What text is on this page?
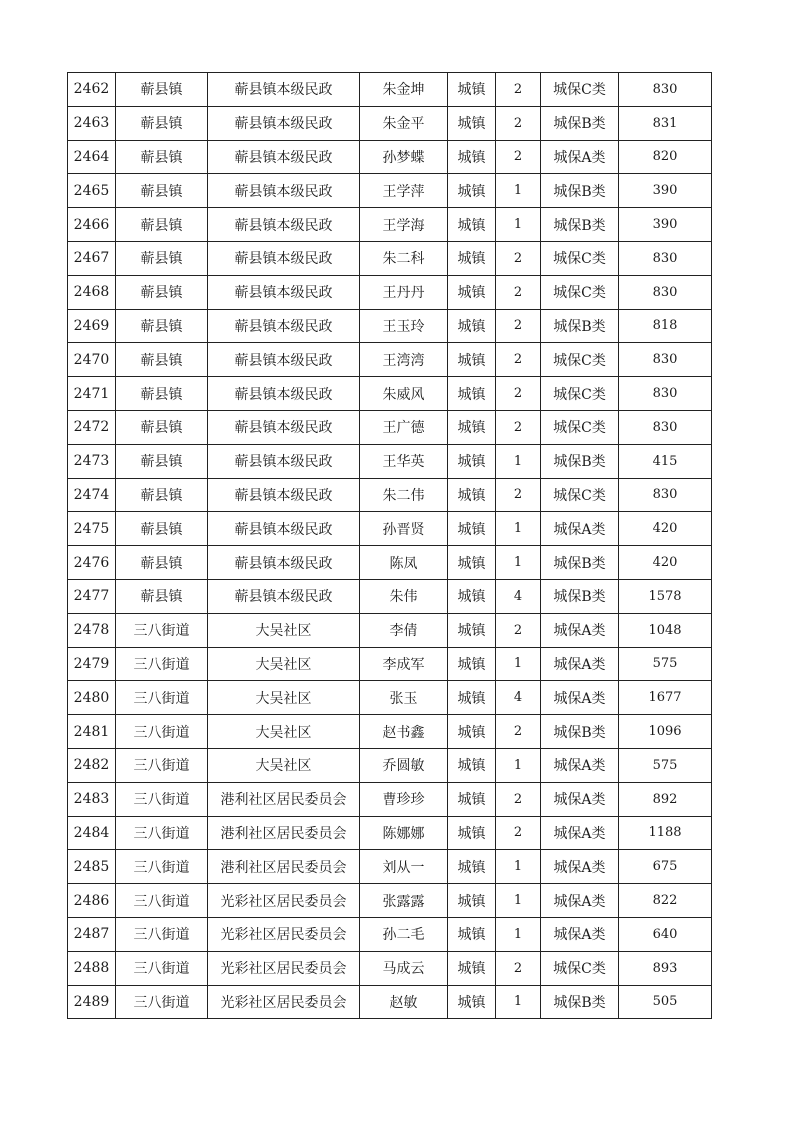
2462	蕲县镇	蕲县镇本级民政	朱金坤	城镇	2	城保C类	830
2463	蕲县镇	蕲县镇本级民政	朱金平	城镇	2	城保B类	831
2464	蕲县镇	蕲县镇本级民政	孙梦蝶	城镇	2	城保A类	820
2465	蕲县镇	蕲县镇本级民政	王学萍	城镇	1	城保B类	390
2466	蕲县镇	蕲县镇本级民政	王学海	城镇	1	城保B类	390
2467	蕲县镇	蕲县镇本级民政	朱二科	城镇	2	城保C类	830
2468	蕲县镇	蕲县镇本级民政	王丹丹	城镇	2	城保C类	830
2469	蕲县镇	蕲县镇本级民政	王玉玲	城镇	2	城保B类	818
2470	蕲县镇	蕲县镇本级民政	王湾湾	城镇	2	城保C类	830
2471	蕲县镇	蕲县镇本级民政	朱威风	城镇	2	城保C类	830
2472	蕲县镇	蕲县镇本级民政	王广德	城镇	2	城保C类	830
2473	蕲县镇	蕲县镇本级民政	王华英	城镇	1	城保B类	415
2474	蕲县镇	蕲县镇本级民政	朱二伟	城镇	2	城保C类	830
2475	蕲县镇	蕲县镇本级民政	孙晋贤	城镇	1	城保A类	420
2476	蕲县镇	蕲县镇本级民政	陈凤	城镇	1	城保B类	420
2477	蕲县镇	蕲县镇本级民政	朱伟	城镇	4	城保B类	1578
2478	三八街道	大吴社区	李倩	城镇	2	城保A类	1048
2479	三八街道	大吴社区	李成军	城镇	1	城保A类	575
2480	三八街道	大吴社区	张玉	城镇	4	城保A类	1677
2481	三八街道	大吴社区	赵书鑫	城镇	2	城保B类	1096
2482	三八街道	大吴社区	乔圆敏	城镇	1	城保A类	575
2483	三八街道	港利社区居民委员会	曹珍珍	城镇	2	城保A类	892
2484	三八街道	港利社区居民委员会	陈娜娜	城镇	2	城保A类	1188
2485	三八街道	港利社区居民委员会	刘从一	城镇	1	城保A类	675
2486	三八街道	光彩社区居民委员会	张露露	城镇	1	城保A类	822
2487	三八街道	光彩社区居民委员会	孙二毛	城镇	1	城保A类	640
2488	三八街道	光彩社区居民委员会	马成云	城镇	2	城保C类	893
2489	三八街道	光彩社区居民委员会	赵敏	城镇	1	城保B类	505
